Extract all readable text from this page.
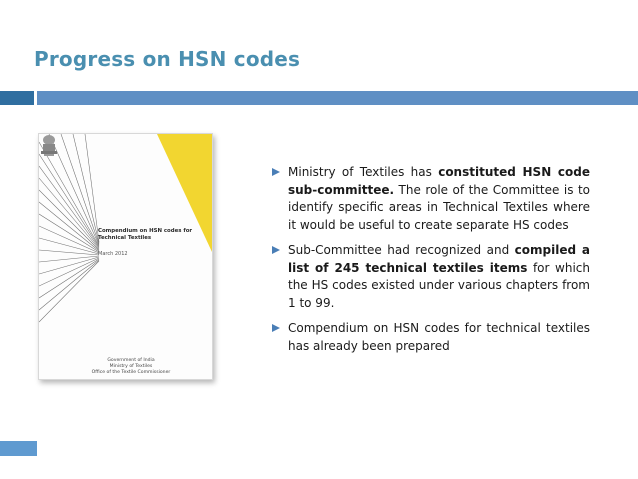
Progress on HSN codes

Compendium on HSN codes for
Technical Textiles

March 2012
Government of India
Ministry of Textiles
Office of the Textile Commissioner
Ministry of Textiles has constituted HSN code sub-committee. The role of the Committee is to identify specific areas in Technical Textiles where it would be useful to create separate HS codes
Sub-Committee had recognized and compiled a list of 245 technical textiles items for which the HS codes existed under various chapters from 1 to 99.
Compendium on HSN codes for technical textiles has already been prepared
